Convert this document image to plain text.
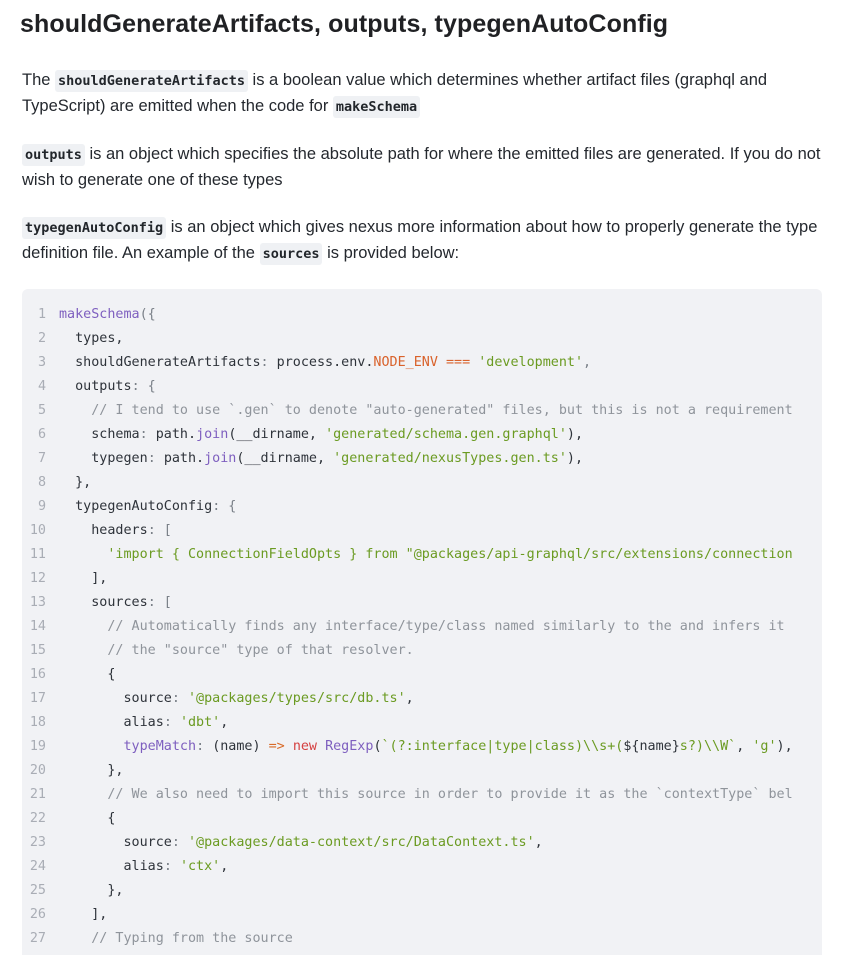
shouldGenerateArtifacts, outputs, typegenAutoConfig

The shouldGenerateArtifacts is a boolean value which determines whether artifact files (graphql and TypeScript) are emitted when the code for makeSchema

outputs is an object which specifies the absolute path for where the emitted files are generated. If you do not wish to generate one of these types

typegenAutoConfig is an object which gives nexus more information about how to properly generate the type definition file. An example of the sources is provided below:

1 makeSchema({
2  types,
3  shouldGenerateArtifacts: process.env.NODE_ENV === 'development',
4  outputs: {
5    // I tend to use `.gen` to denote "auto-generated" files, but this is not a requirement
6    schema: path.join(__dirname, 'generated/schema.gen.graphql'),
7    typegen: path.join(__dirname, 'generated/nexusTypes.gen.ts'),
8  },
9  typegenAutoConfig: {
10    headers: [
11      'import { ConnectionFieldOpts } from "@packages/api-graphql/src/extensions/connection
12    ],
13    sources: [
14      // Automatically finds any interface/type/class named similarly to the and infers it
15      // the "source" type of that resolver.
16      {
17        source: '@packages/types/src/db.ts',
18        alias: 'dbt',
19        typeMatch: (name) => new RegExp(`(?:interface|type|class)\\s+(${name}s?)\\W`, 'g'),
20      },
21      // We also need to import this source in order to provide it as the `contextType` bel
22      {
23        source: '@packages/data-context/src/DataContext.ts',
24        alias: 'ctx',
25      },
26    ],
27    // Typing from the source
